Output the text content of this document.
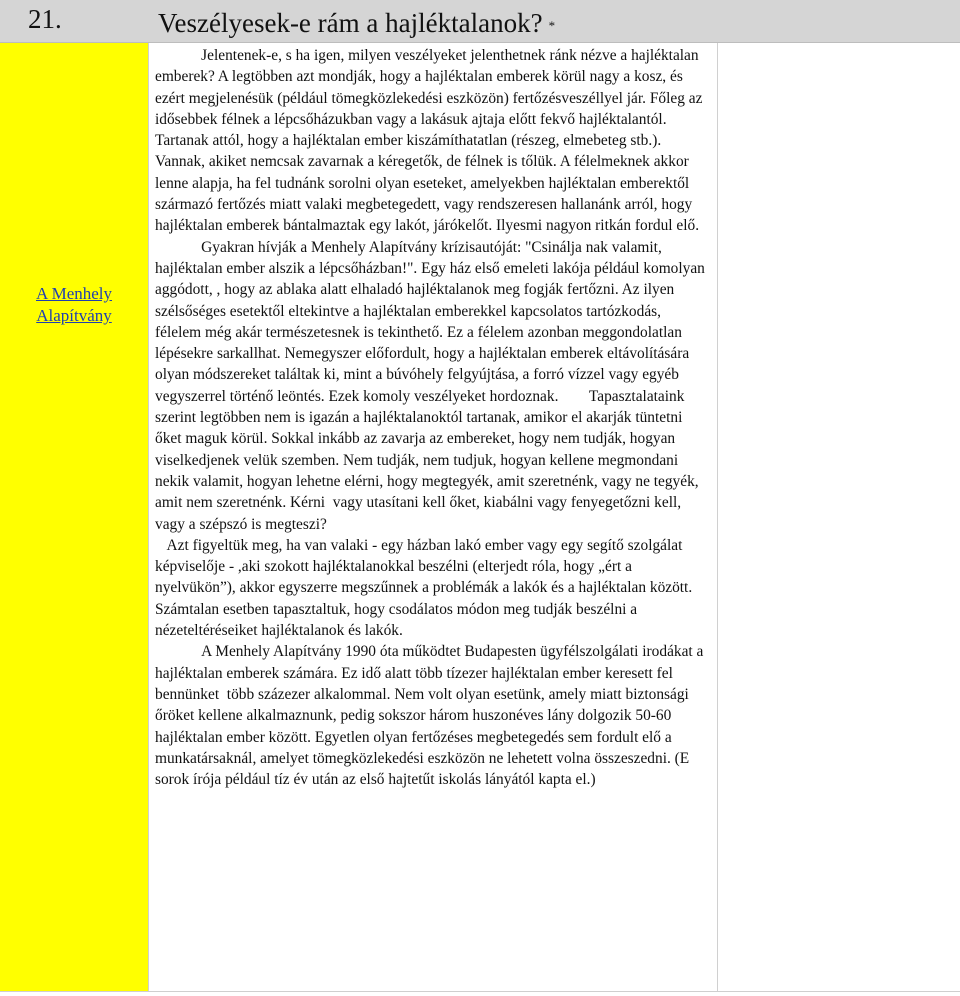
21.	Veszélyesek-e rám a hajléktalanok? *
A Menhely
Alapítvány
Jelentenek-e, s ha igen, milyen veszélyeket jelenthetnek ránk nézve a hajléktalan emberek? A legtöbben azt mondják, hogy a hajléktalan emberek körül nagy a kosz, és ezért megjelenésük (például tömegközlekedési eszközön) fertőzésveszéllyel jár. Főleg az idősebbek félnek a lépcsőházukban vagy a lakásuk ajtaja előtt fekvő hajléktalantól. Tartanak attól, hogy a hajléktalan ember kiszámíthatatlan (részeg, elmebeteg stb.). Vannak, akiket nemcsak zavarnak a kéregetők, de félnek is tőlük. A félelmeknek akkor lenne alapja, ha fel tudnánk sorolni olyan eseteket, amelyekben hajléktalan emberektől származó fertőzés miatt valaki megbetegedett, vagy rendszeresen hallanánk arról, hogy hajléktalan emberek bántalmaztak egy lakót, járókelőt. Ilyesmi nagyon ritkán fordul elő.
Gyakran hívják a Menhely Alapítvány krízisautóját: "Csinálja nak valamit, hajléktalan ember alszik a lépcsőházban!". Egy ház első emeleti lakója például komolyan aggódott, , hogy az ablaka alatt elhaladó hajléktalanok meg fogják fertőzni. Az ilyen szélsőséges esetektől eltekintve a hajléktalan emberekkel kapcsolatos tartózkodás, félelem még akár természetesnek is tekinthető. Ez a félelem azonban meggondolatlan lépésekre sarkallhat. Nemegyszer előfordult, hogy a hajléktalan emberek eltávolítására olyan módszereket találtak ki, mint a búvóhely felgyújtása, a forró vízzel vagy egyéb vegyszerrel történő leöntés. Ezek komoly veszélyeket hordoznak.        Tapasztalataink szerint legtöbben nem is igazán a hajléktalanoktól tartanak, amikor el akarják tüntetni őket maguk körül. Sokkal inkább az zavarja az embereket, hogy nem tudják, hogyan viselkedjenek velük szemben. Nem tudják, nem tudjuk, hogyan kellene megmondani nekik valamit, hogyan lehetne elérni, hogy megtegyék, amit szeretnénk, vagy ne tegyék, amit nem szeretnénk. Kérni  vagy utasítani kell őket, kiabálni vagy fenyegetőzni kell, vagy a szépszó is megteszi?
Azt figyeltük meg, ha van valaki - egy házban lakó ember vagy egy segítő szolgálat képviselője - ,aki szokott hajléktalanokkal beszélni (elterjedt róla, hogy „ért a nyelvükön”), akkor egyszerre megszűnnek a problémák a lakók és a hajléktalan között. Számtalan esetben tapasztaltuk, hogy csodálatos módon meg tudják beszélni a nézeteltéréseiket hajléktalanok és lakók.
A Menhely Alapítvány 1990 óta működtet Budapesten ügyfélszolgálati irodákat a hajléktalan emberek számára. Ez idő alatt több tízezer hajléktalan ember keresett fel bennünket  több százezer alkalommal. Nem volt olyan esetünk, amely miatt biztonsági őröket kellene alkalmaznunk, pedig sokszor három huszonéves lány dolgozik 50-60 hajléktalan ember között. Egyetlen olyan fertőzéses megbetegedés sem fordult elő a munkatársaknál, amelyet tömegközlekedési eszközön ne lehetett volna összeszedni. (E sorok írója például tíz év után az első hajtetűt iskolás lányától kapta el.)
